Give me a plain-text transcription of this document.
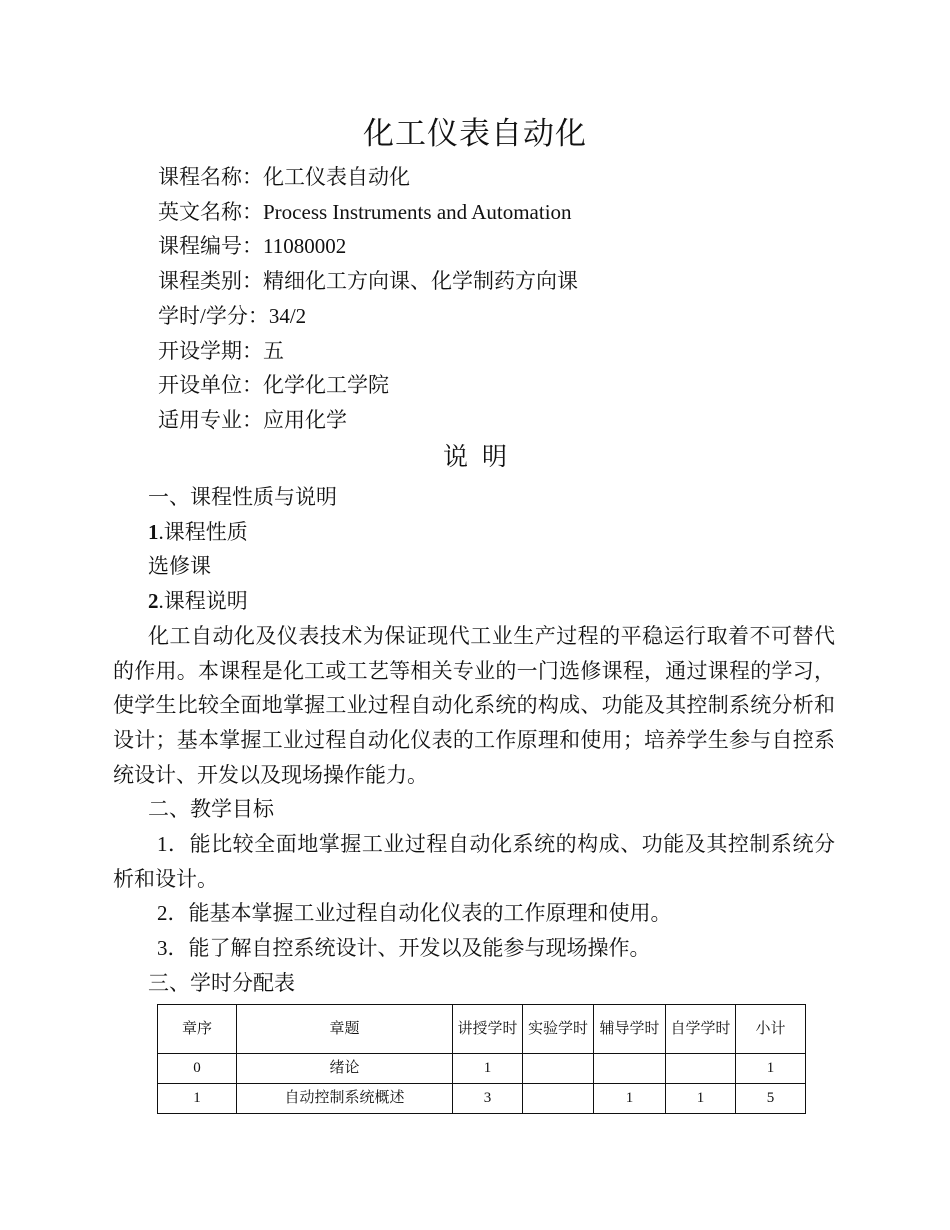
化工仪表自动化
课程名称：化工仪表自动化
英文名称：Process Instruments and Automation
课程编号：11080002
课程类别：精细化工方向课、化学制药方向课
学时/学分：34/2
开设学期：五
开设单位：化学化工学院
适用专业：应用化学
说明

一、课程性质与说明

1.课程性质

选修课

2.课程说明

化工自动化及仪表技术为保证现代工业生产过程的平稳运行取着不可替代的作用。本课程是化工或工艺等相关专业的一门选修课程，通过课程的学习，使学生比较全面地掌握工业过程自动化系统的构成、功能及其控制系统分析和设计；基本掌握工业过程自动化仪表的工作原理和使用；培养学生参与自控系统设计、开发以及现场操作能力。

二、教学目标

1．能比较全面地掌握工业过程自动化系统的构成、功能及其控制系统分析和设计。

2．能基本掌握工业过程自动化仪表的工作原理和使用。

3．能了解自控系统设计、开发以及能参与现场操作。

三、学时分配表

章序	章题	讲授学时	实验学时	辅导学时	自学学时	小计
0	绪论	1				1
1	自动控制系统概述	3		1	1	5
